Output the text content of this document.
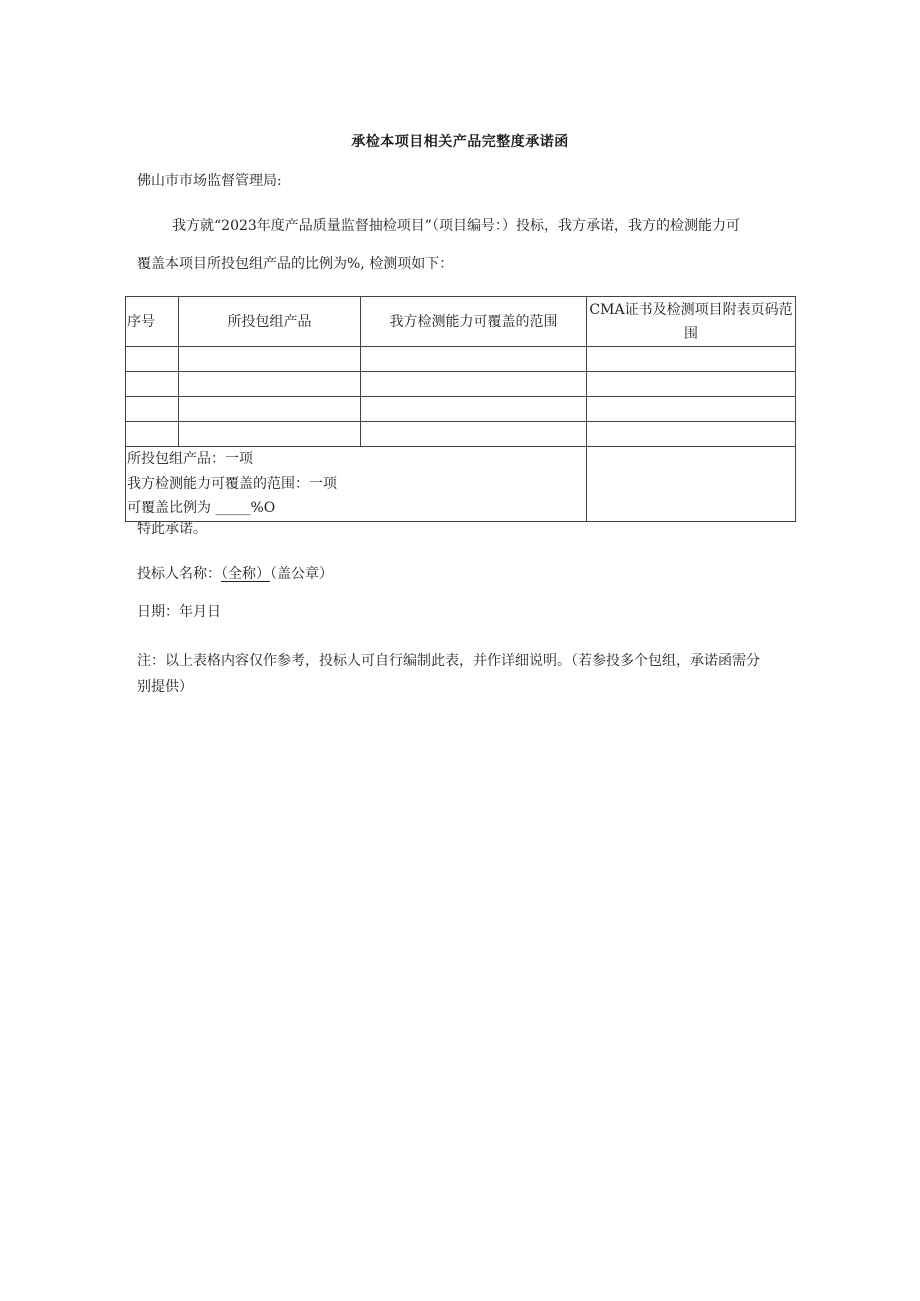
承检本项目相关产品完整度承诺函
佛山市市场监督管理局:
我方就“2023年度产品质量监督抽检项目”（项目编号：）投标，我方承诺，我方的检测能力可
覆盖本项目所投包组产品的比例为%, 检测项如下：
序号	所投包组产品	我方检测能力可覆盖的范围	CMA证书及检测项目附表页码范围

所投包组产品：一项
我方检测能力可覆盖的范围：一项
可覆盖比例为 _____%O			

特此承诺。
投标人名称：（全称）（盖公章）
日期：年月日
注：以上表格内容仅作参考，投标人可自行编制此表，并作详细说明。（若参投多个包组，承诺函需分
别提供）
